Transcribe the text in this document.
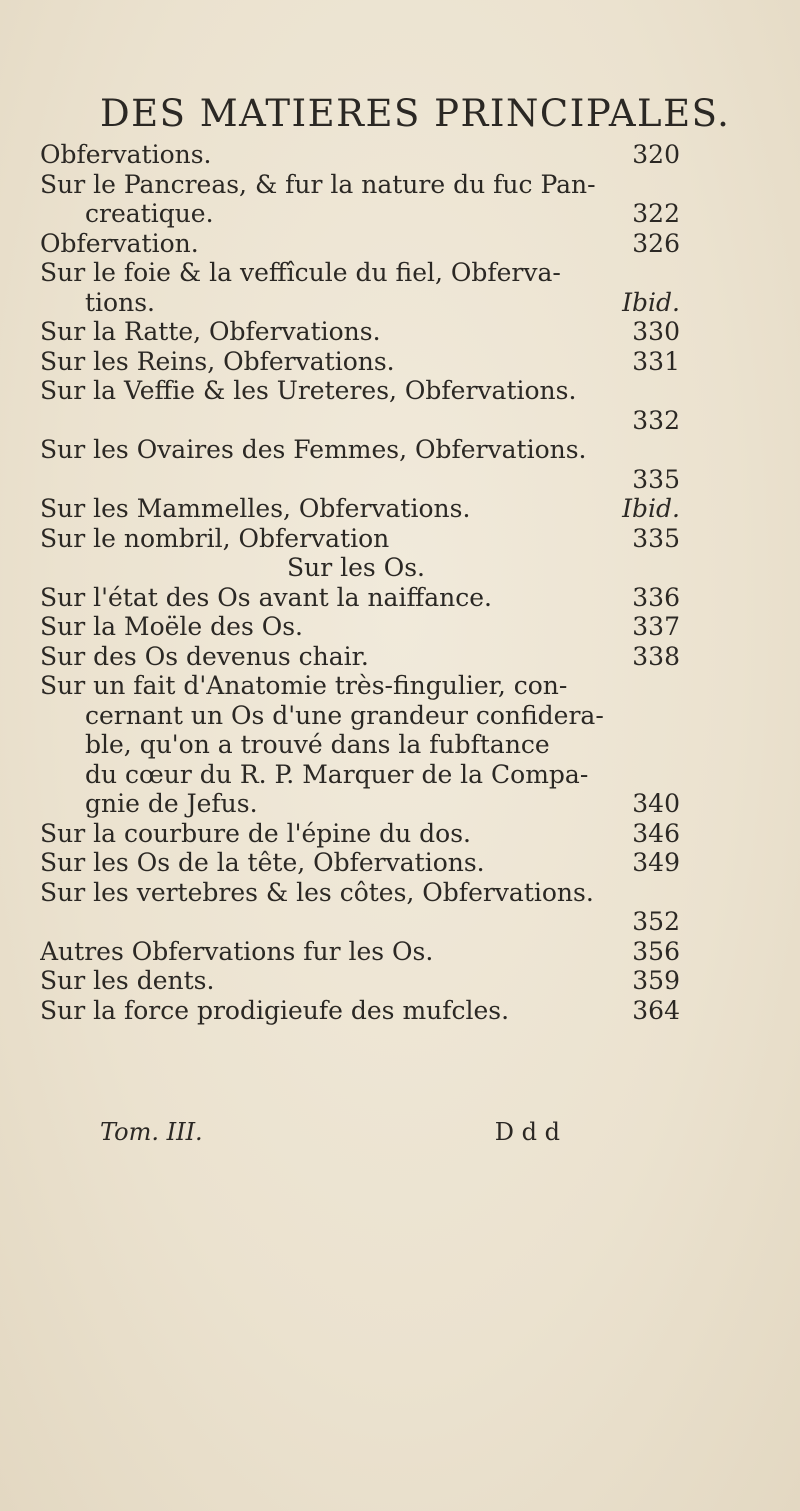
DES MATIERES PRINCIPALES.
Obfervations.	320
Sur le Pancreas, & fur la nature du fuc Pan-
creatique.	322
Obfervation.	326
Sur le foie & la veffîcule du fiel, Obferva-
tions.	Ibid.
Sur la Ratte, Obfervations.	330
Sur les Reins, Obfervations.	331
Sur la Veffie & les Ureteres, Obfervations.
332
Sur les Ovaires des Femmes, Obfervations.
335
Sur les Mammelles, Obfervations.	Ibid.
Sur le nombril, Obfervation	335
Sur les Os.
Sur l'état des Os avant la naiffance.	336
Sur la Moële des Os.	337
Sur des Os devenus chair.	338
Sur un fait d'Anatomie très-fingulier, con-
cernant un Os d'une grandeur confidera-
ble, qu'on a trouvé dans la fubftance
du cœur du R. P. Marquer de la Compa-
gnie de Jefus.	340
Sur la courbure de l'épine du dos.	346
Sur les Os de la tête, Obfervations.	349
Sur les vertebres & les côtes, Obfervations.
352
Autres Obfervations fur les Os.	356
Sur les dents.	359
Sur la force prodigieufe des mufcles.	364
Tom. III.	D d d
